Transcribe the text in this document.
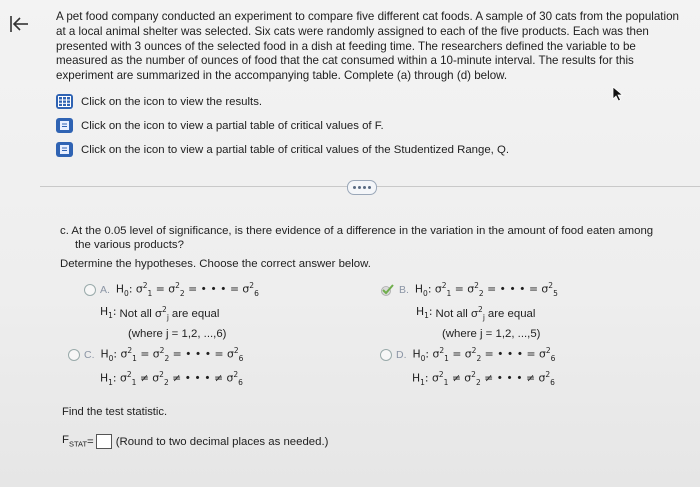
A pet food company conducted an experiment to compare five different cat foods. A sample of 30 cats from the population at a local animal shelter was selected. Six cats were randomly assigned to each of the five products. Each was then presented with 3 ounces of the selected food in a dish at feeding time. The researchers defined the variable to be measured as the number of ounces of food that the cat consumed within a 10-minute interval. The results for this experiment are summarized in the accompanying table. Complete (a) through (d) below.
Click on the icon to view the results.
Click on the icon to view a partial table of critical values of F.
Click on the icon to view a partial table of critical values of the Studentized Range, Q.
c. At the 0.05 level of significance, is there evidence of a difference in the variation in the amount of food eaten among
the various products?
Determine the hypotheses. Choose the correct answer below.
A. $H_0$: $\sigma^2_1 = \sigma^2_2$ = • • • = $\sigma^2_6$
$H_1$: Not all σ $^2_j$ are equal
(where j = 1,2, ...,6)
B. $H_0$: $\sigma^2_1 = \sigma^2_2$ = • • • = $\sigma^2_5$
$H_1$: Not all σ $^2_j$ are equal
(where j = 1,2, ...,5)
C. $H_0$: $\sigma^2_1 = \sigma^2_2$ = • • • = $\sigma^2_6$
$H_1$: $\sigma^2_1 \ne \sigma^2_2$ ≠ • • • ≠ $\sigma^2_6$
D. $H_0$: $\sigma^2_1 = \sigma^2_2$ = • • • = $\sigma^2_6$
$H_1$: $\sigma^2_1 \ne \sigma^2_2$ ≠ • • • ≠ $\sigma^2_6$
Find the test statistic.
$F_{STAT}$ = (Round to two decimal places as needed.)
